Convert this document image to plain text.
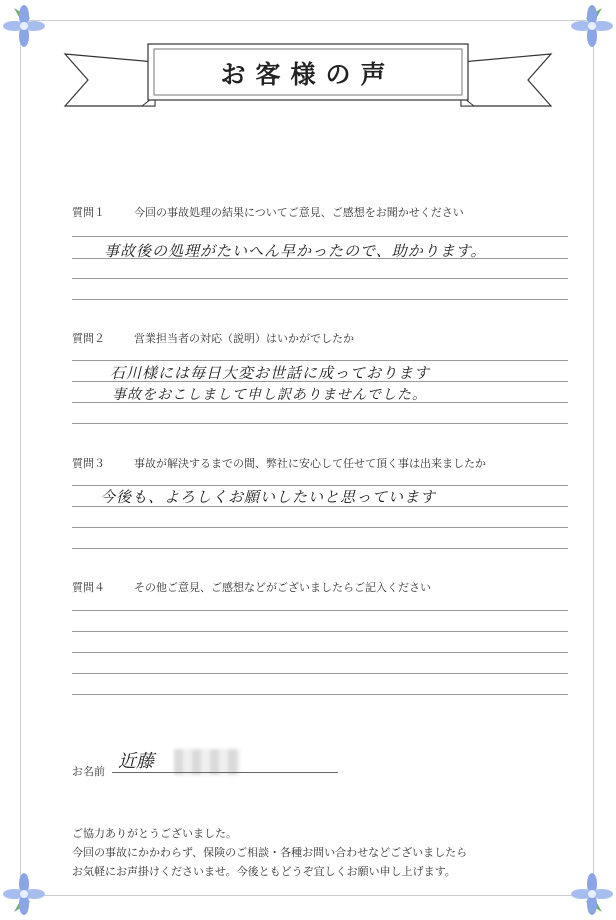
お客様の声
質問１	今回の事故処理の結果についてご意見、ご感想をお聞かせください
事故後の処理がたいへん早かったので、助かります。
質問２	営業担当者の対応（説明）はいかがでしたか
石川様には毎日大変お世話に成っております
事故をおこしまして申し訳ありませんでした。
質問３	事故が解決するまでの間、弊社に安心して任せて頂く事は出来ましたか
今後も、よろしくお願いしたいと思っています
質問４	その他ご意見、ご感想などがございましたらご記入ください
お名前 近藤
ご協力ありがとうございました。
今回の事故にかかわらず、保険のご相談・各種お問い合わせなどございましたら
お気軽にお声掛けくださいませ。今後ともどうぞ宜しくお願い申し上げます。
